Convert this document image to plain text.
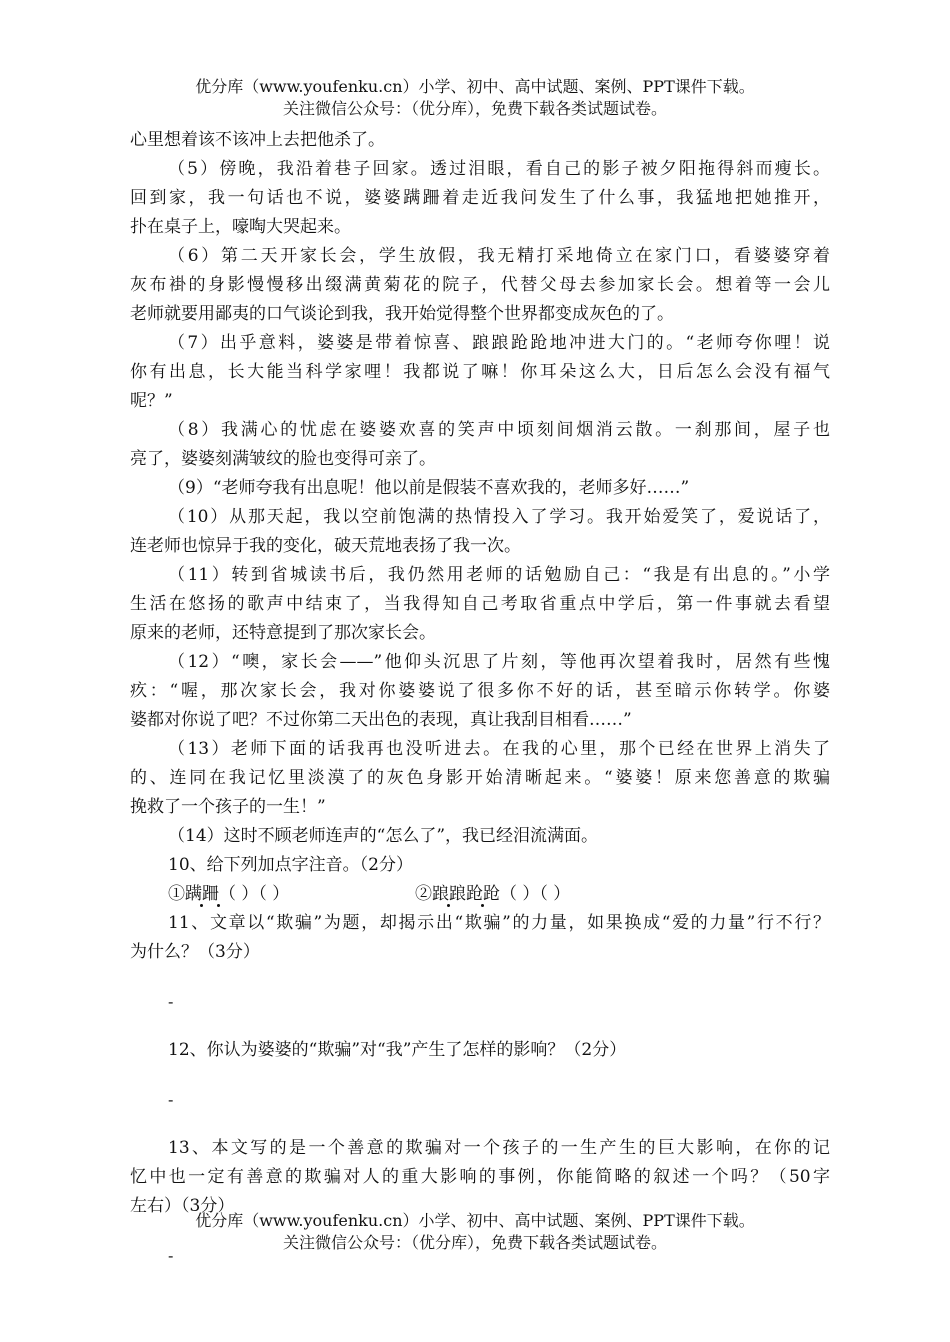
优分库（www.youfenku.cn）小学、初中、高中试题、案例、PPT课件下载。
关注微信公众号：（优分库），免费下载各类试题试卷。
心里想着该不该冲上去把他杀了。
（5）傍晚，我沿着巷子回家。透过泪眼，看自己的影子被夕阳拖得斜而瘦长。
回到家，我一句话也不说，婆婆蹒跚着走近我问发生了什么事，我猛地把她推开，
扑在桌子上，嚎啕大哭起来。
（6）第二天开家长会，学生放假，我无精打采地倚立在家门口，看婆婆穿着
灰布褂的身影慢慢移出缀满黄菊花的院子，代替父母去参加家长会。想着等一会儿
老师就要用鄙夷的口气谈论到我，我开始觉得整个世界都变成灰色的了。
（7）出乎意料，婆婆是带着惊喜、踉踉跄跄地冲进大门的。“老师夸你哩！说
你有出息，长大能当科学家哩！我都说了嘛！你耳朵这么大，日后怎么会没有福气
呢？”
（8）我满心的忧虑在婆婆欢喜的笑声中顷刻间烟消云散。一刹那间，屋子也
亮了，婆婆刻满皱纹的脸也变得可亲了。
（9）“老师夸我有出息呢！他以前是假装不喜欢我的，老师多好……”
（10）从那天起，我以空前饱满的热情投入了学习。我开始爱笑了，爱说话了，
连老师也惊异于我的变化，破天荒地表扬了我一次。
（11）转到省城读书后，我仍然用老师的话勉励自己：“我是有出息的。”小学
生活在悠扬的歌声中结束了，当我得知自己考取省重点中学后，第一件事就去看望
原来的老师，还特意提到了那次家长会。
（12）“噢，家长会——”他仰头沉思了片刻，等他再次望着我时，居然有些愧
疚：“喔，那次家长会，我对你婆婆说了很多你不好的话，甚至暗示你转学。你婆
婆都对你说了吧？不过你第二天出色的表现，真让我刮目相看……”
（13）老师下面的话我再也没听进去。在我的心里，那个已经在世界上消失了
的、连同在我记忆里淡漠了的灰色身影开始清晰起来。“婆婆！原来您善意的欺骗
挽救了一个孩子的一生！”
（14）这时不顾老师连声的“怎么了”，我已经泪流满面。
10、给下列加点字注音。（2分）
①蹒跚（ ）（ ）	②踉踉跄跄（ ）（ ）
11、文章以“欺骗”为题，却揭示出“欺骗”的力量，如果换成“爱的力量”行不行？
为什么？（3分）
-
12、你认为婆婆的“欺骗”对“我”产生了怎样的影响？（2分）
-
13、本文写的是一个善意的欺骗对一个孩子的一生产生的巨大影响，在你的记
忆中也一定有善意的欺骗对人的重大影响的事例，你能简略的叙述一个吗？（50字
左右）（3分）
-
优分库（www.youfenku.cn）小学、初中、高中试题、案例、PPT课件下载。
关注微信公众号：（优分库），免费下载各类试题试卷。
